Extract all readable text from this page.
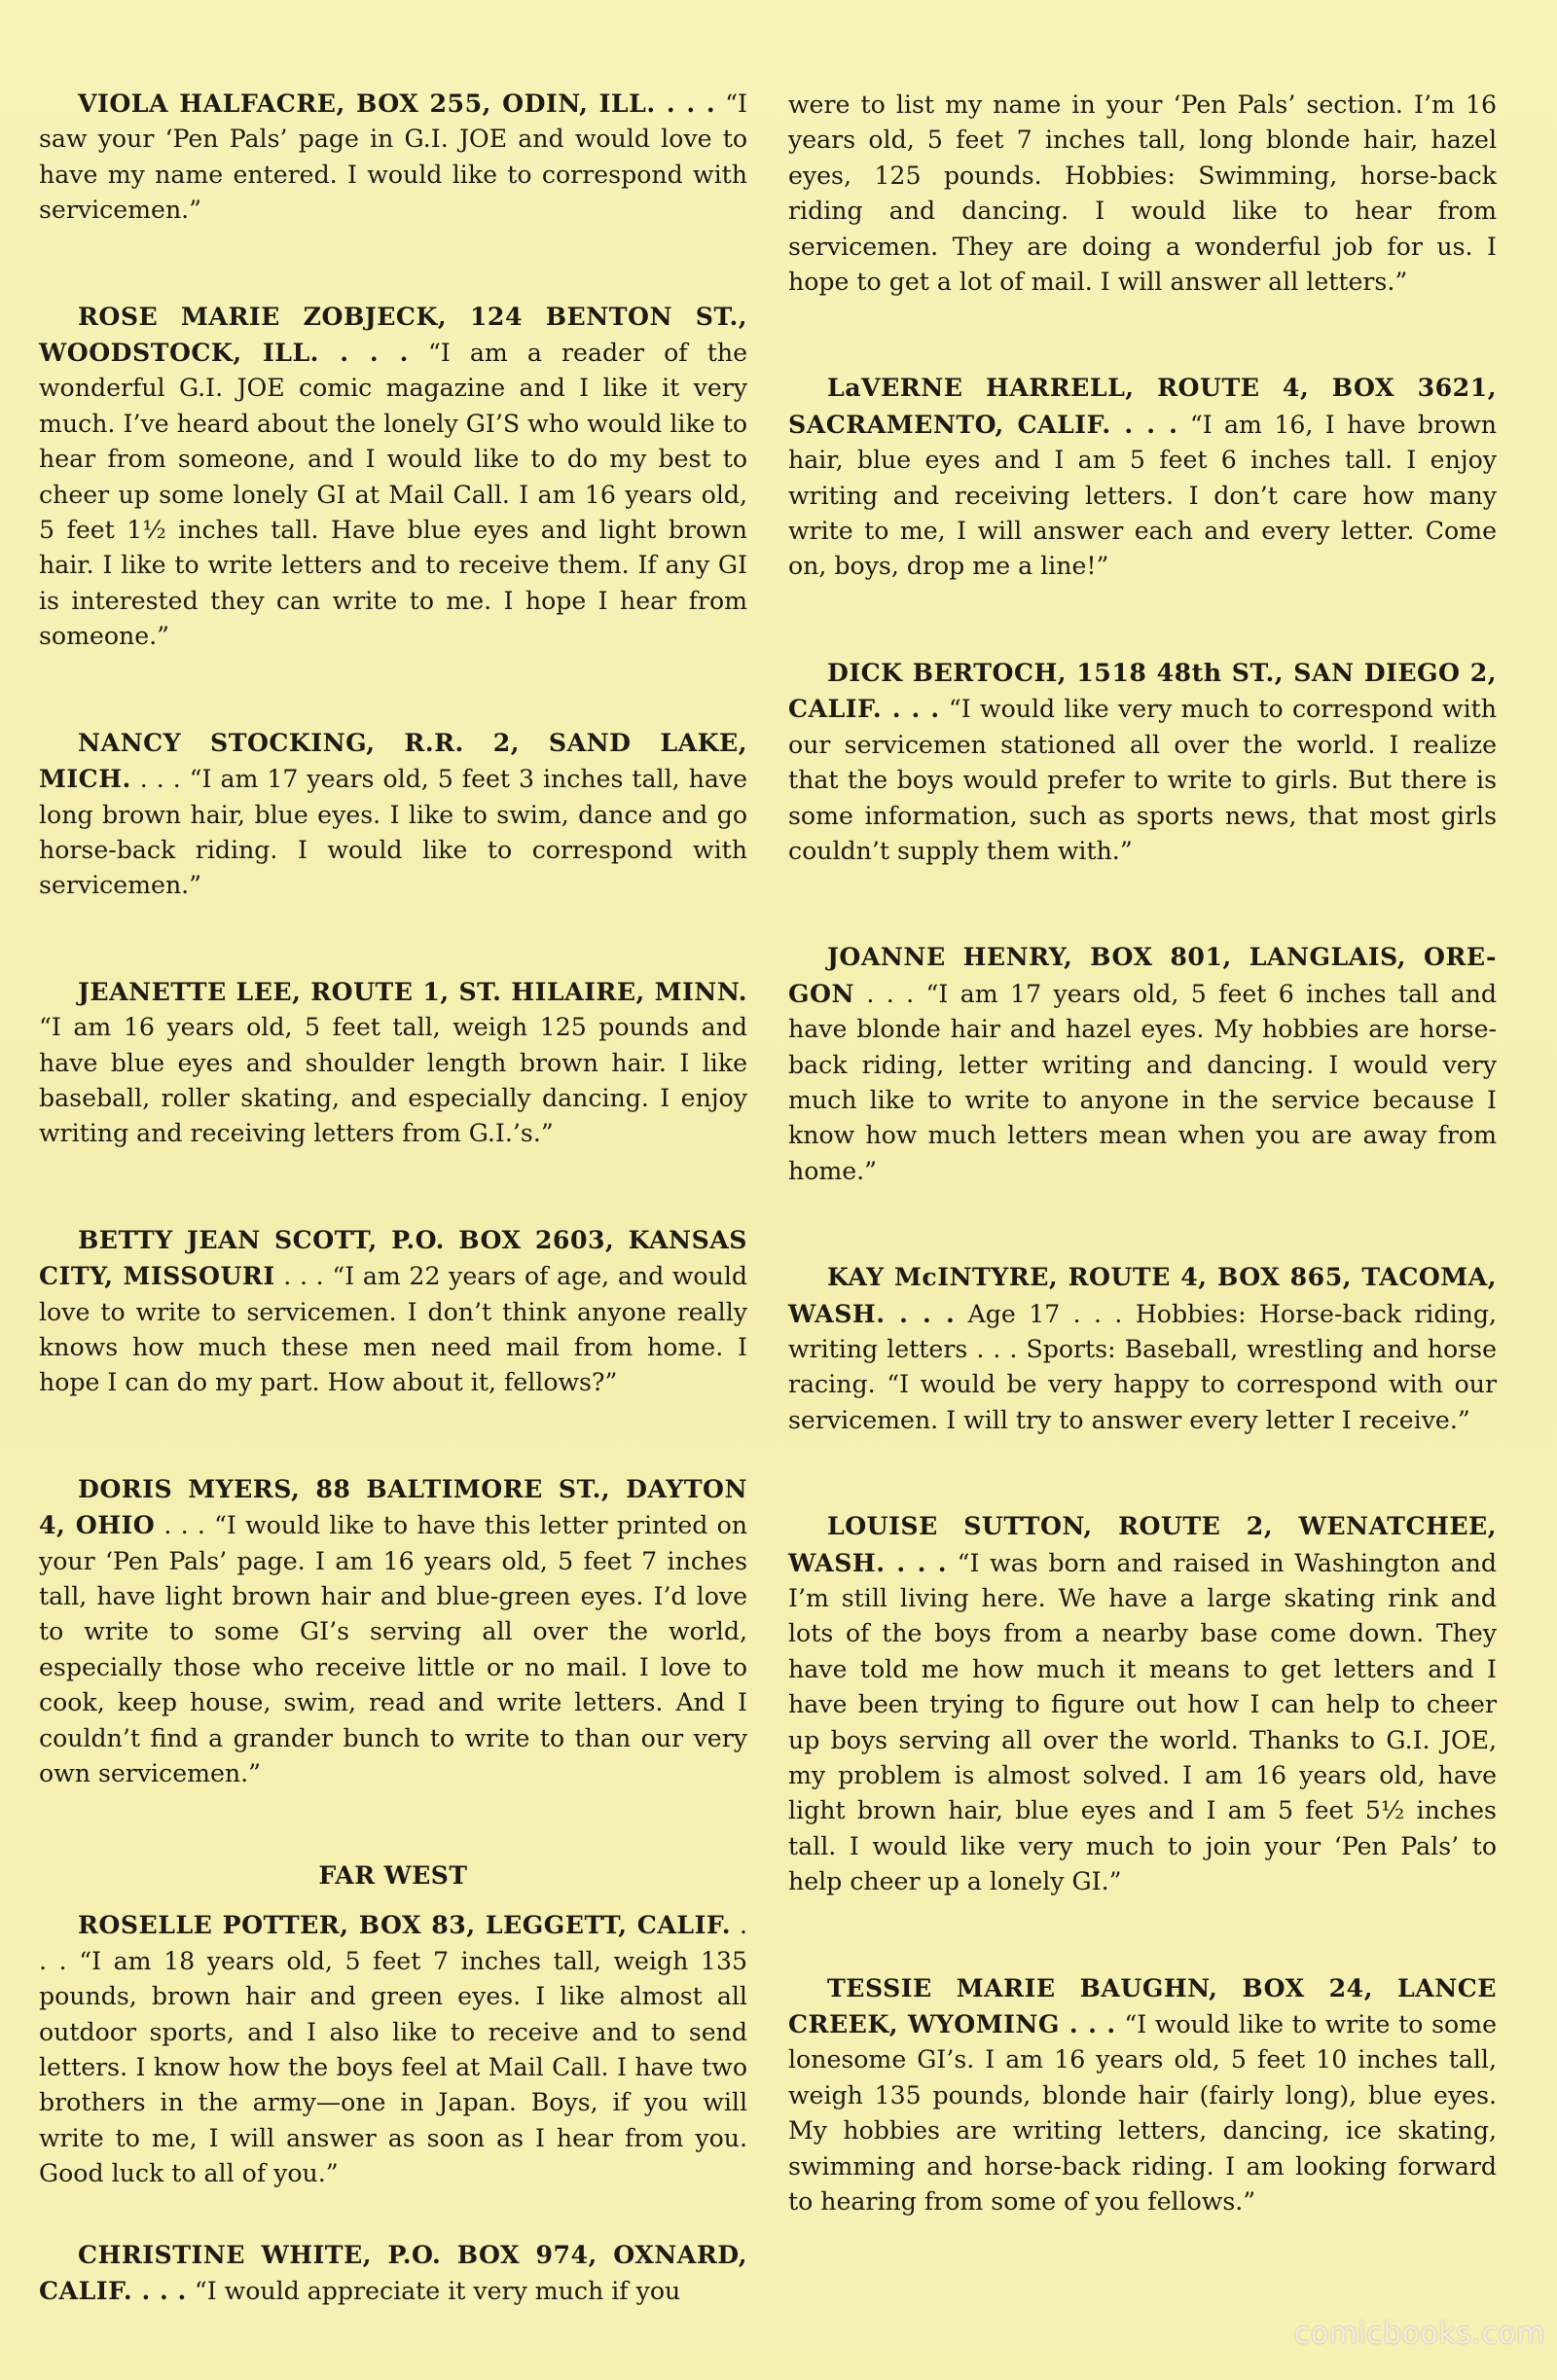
VIOLA HALFACRE, BOX 255, ODIN, ILL. . . . “I saw your ‘Pen Pals’ page in G.I. JOE and would love to have my name entered. I would like to correspond with servicemen.”

ROSE MARIE ZOBJECK, 124 BENTON ST., WOODSTOCK, ILL. . . . “I am a reader of the wonderful G.I. JOE comic magazine and I like it very much. I’ve heard about the lonely GI’S who would like to hear from someone, and I would like to do my best to cheer up some lonely GI at Mail Call. I am 16 years old, 5 feet 1½ inches tall. Have blue eyes and light brown hair. I like to write letters and to receive them. If any GI is interested they can write to me. I hope I hear from someone.”

NANCY STOCKING, R.R. 2, SAND LAKE, MICH. . . . “I am 17 years old, 5 feet 3 inches tall, have long brown hair, blue eyes. I like to swim, dance and go horse-back riding. I would like to correspond with servicemen.”

JEANETTE LEE, ROUTE 1, ST. HILAIRE, MINN. “I am 16 years old, 5 feet tall, weigh 125 pounds and have blue eyes and shoulder length brown hair. I like baseball, roller skating, and especially dancing. I enjoy writing and receiving letters from G.I.’s.”

BETTY JEAN SCOTT, P.O. BOX 2603, KANSAS CITY, MISSOURI . . . “I am 22 years of age, and would love to write to servicemen. I don’t think anyone really knows how much these men need mail from home. I hope I can do my part. How about it, fellows?”

DORIS MYERS, 88 BALTIMORE ST., DAYTON 4, OHIO . . . “I would like to have this letter printed on your ‘Pen Pals’ page. I am 16 years old, 5 feet 7 inches tall, have light brown hair and blue-green eyes. I’d love to write to some GI’s serving all over the world, especially those who receive little or no mail. I love to cook, keep house, swim, read and write letters. And I couldn’t find a grander bunch to write to than our very own servicemen.”

FAR WEST

ROSELLE POTTER, BOX 83, LEGGETT, CALIF. . . . “I am 18 years old, 5 feet 7 inches tall, weigh 135 pounds, brown hair and green eyes. I like almost all outdoor sports, and I also like to receive and to send letters. I know how the boys feel at Mail Call. I have two brothers in the army—one in Japan. Boys, if you will write to me, I will answer as soon as I hear from you. Good luck to all of you.”

CHRISTINE WHITE, P.O. BOX 974, OXNARD, CALIF. . . . “I would appreciate it very much if you

were to list my name in your ‘Pen Pals’ section. I’m 16 years old, 5 feet 7 inches tall, long blonde hair, hazel eyes, 125 pounds. Hobbies: Swimming, horse-back riding and dancing. I would like to hear from servicemen. They are doing a wonderful job for us. I hope to get a lot of mail. I will answer all letters.”

LaVERNE HARRELL, ROUTE 4, BOX 3621, SACRAMENTO, CALIF. . . . “I am 16, I have brown hair, blue eyes and I am 5 feet 6 inches tall. I enjoy writing and receiving letters. I don’t care how many write to me, I will answer each and every letter. Come on, boys, drop me a line!”

DICK BERTOCH, 1518 48th ST., SAN DIEGO 2, CALIF. . . . “I would like very much to correspond with our servicemen stationed all over the world. I realize that the boys would prefer to write to girls. But there is some information, such as sports news, that most girls couldn’t supply them with.”

JOANNE HENRY, BOX 801, LANGLAIS, ORE-GON . . . “I am 17 years old, 5 feet 6 inches tall and have blonde hair and hazel eyes. My hobbies are horse-back riding, letter writing and dancing. I would very much like to write to anyone in the service because I know how much letters mean when you are away from home.”

KAY McINTYRE, ROUTE 4, BOX 865, TACOMA, WASH. . . . Age 17 . . . Hobbies: Horse-back riding, writing letters . . . Sports: Baseball, wrestling and horse racing. “I would be very happy to correspond with our servicemen. I will try to answer every letter I receive.”

LOUISE SUTTON, ROUTE 2, WENATCHEE, WASH. . . . “I was born and raised in Washington and I’m still living here. We have a large skating rink and lots of the boys from a nearby base come down. They have told me how much it means to get letters and I have been trying to figure out how I can help to cheer up boys serving all over the world. Thanks to G.I. JOE, my problem is almost solved. I am 16 years old, have light brown hair, blue eyes and I am 5 feet 5½ inches tall. I would like very much to join your ‘Pen Pals’ to help cheer up a lonely GI.”

TESSIE MARIE BAUGHN, BOX 24, LANCE CREEK, WYOMING . . . “I would like to write to some lonesome GI’s. I am 16 years old, 5 feet 10 inches tall, weigh 135 pounds, blonde hair (fairly long), blue eyes. My hobbies are writing letters, dancing, ice skating, swimming and horse-back riding. I am looking forward to hearing from some of you fellows.”

comicbooks.com
